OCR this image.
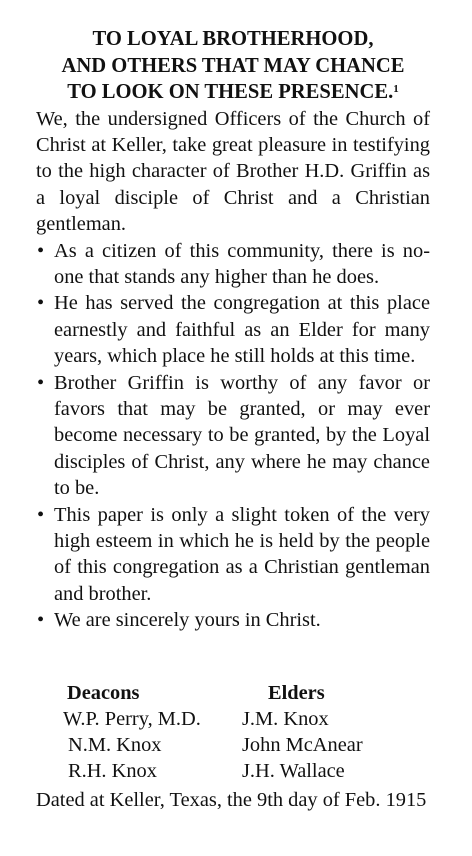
TO LOYAL BROTHERHOOD,
AND OTHERS THAT MAY CHANCE
TO LOOK ON THESE PRESENCE.$^1$

We, the undersigned Officers of the Church of Christ at Keller, take great pleasure in testifying to the high character of Brother H.D. Griffin as a loyal disciple of Christ and a Christian gentleman.

• As a citizen of this community, there is no-one that stands any higher than he does.
• He has served the congregation at this place earnestly and faithful as an Elder for many years, which place he still holds at this time.
• Brother Griffin is worthy of any favor or favors that may be granted, or may ever become necessary to be granted, by the Loyal disciples of Christ, any where he may chance to be.
• This paper is only a slight token of the very high esteem in which he is held by the people of this congregation as a Christian gentleman and brother.
• We are sincerely yours in Christ.
Deacons	Elders
W.P. Perry, M.D.
N.M. Knox
R.H. Knox
J.M. Knox
John McAnear
J.H. Wallace

Dated at Keller, Texas, the 9th day of Feb. 1915
